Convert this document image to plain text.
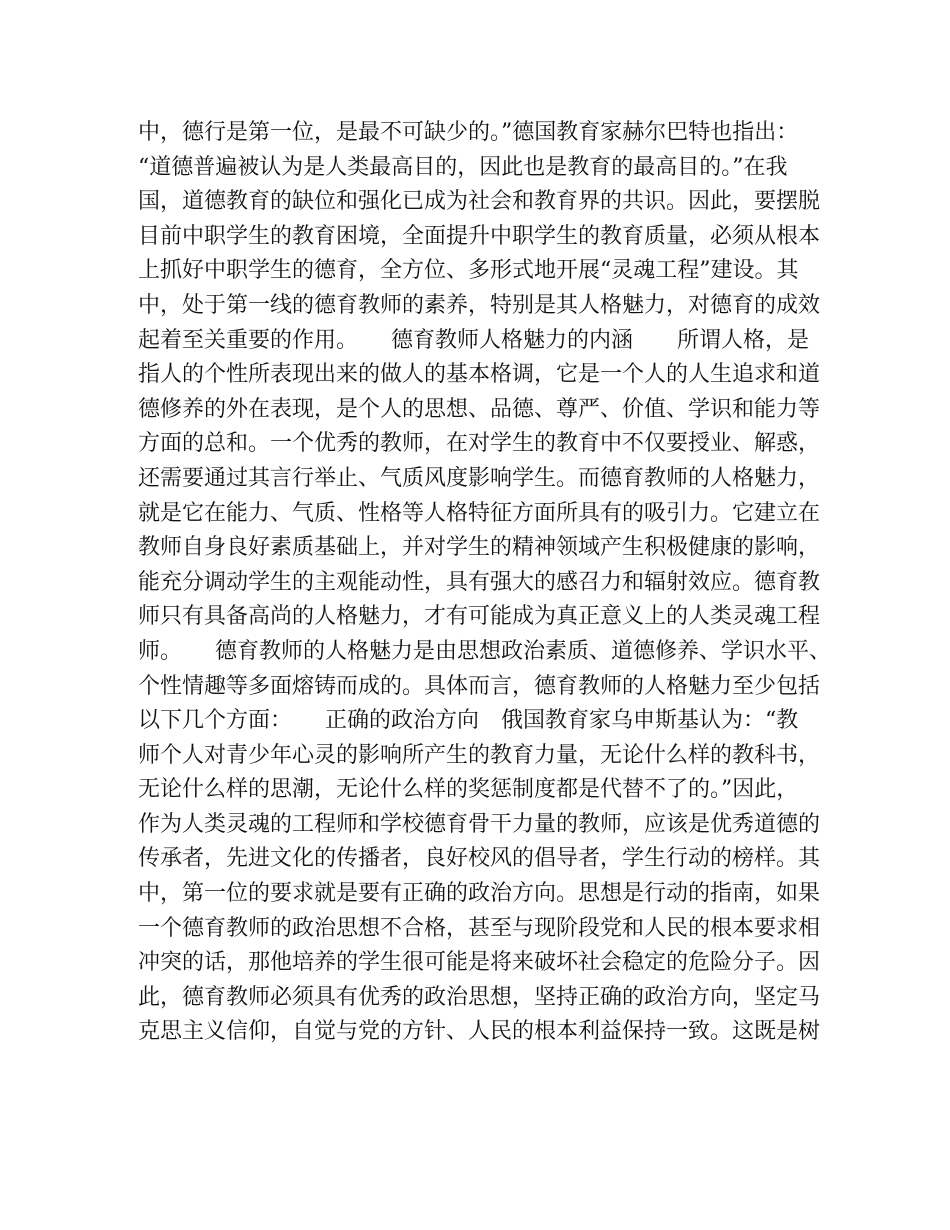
中，德行是第一位，是最不可缺少的。”德国教育家赫尔巴特也指出：
“道德普遍被认为是人类最高目的，因此也是教育的最高目的。”在我
国，道德教育的缺位和强化已成为社会和教育界的共识。因此，要摆脱
目前中职学生的教育困境，全面提升中职学生的教育质量，必须从根本
上抓好中职学生的德育，全方位、多形式地开展“灵魂工程”建设。其
中，处于第一线的德育教师的素养，特别是其人格魅力，对德育的成效
起着至关重要的作用。　　德育教师人格魅力的内涵　　所谓人格，是
指人的个性所表现出来的做人的基本格调，它是一个人的人生追求和道
德修养的外在表现，是个人的思想、品德、尊严、价值、学识和能力等
方面的总和。一个优秀的教师，在对学生的教育中不仅要授业、解惑，
还需要通过其言行举止、气质风度影响学生。而德育教师的人格魅力，
就是它在能力、气质、性格等人格特征方面所具有的吸引力。它建立在
教师自身良好素质基础上，并对学生的精神领域产生积极健康的影响，
能充分调动学生的主观能动性，具有强大的感召力和辐射效应。德育教
师只有具备高尚的人格魅力，才有可能成为真正意义上的人类灵魂工程
师。　　德育教师的人格魅力是由思想政治素质、道德修养、学识水平、
个性情趣等多面熔铸而成的。具体而言，德育教师的人格魅力至少包括
以下几个方面：　　正确的政治方向　俄国教育家乌申斯基认为：“教
师个人对青少年心灵的影响所产生的教育力量，无论什么样的教科书，
无论什么样的思潮，无论什么样的奖惩制度都是代替不了的。”因此，
作为人类灵魂的工程师和学校德育骨干力量的教师，应该是优秀道德的
传承者，先进文化的传播者，良好校风的倡导者，学生行动的榜样。其
中，第一位的要求就是要有正确的政治方向。思想是行动的指南，如果
一个德育教师的政治思想不合格，甚至与现阶段党和人民的根本要求相
冲突的话，那他培养的学生很可能是将来破坏社会稳定的危险分子。因
此，德育教师必须具有优秀的政治思想，坚持正确的政治方向，坚定马
克思主义信仰，自觉与党的方针、人民的根本利益保持一致。这既是树
